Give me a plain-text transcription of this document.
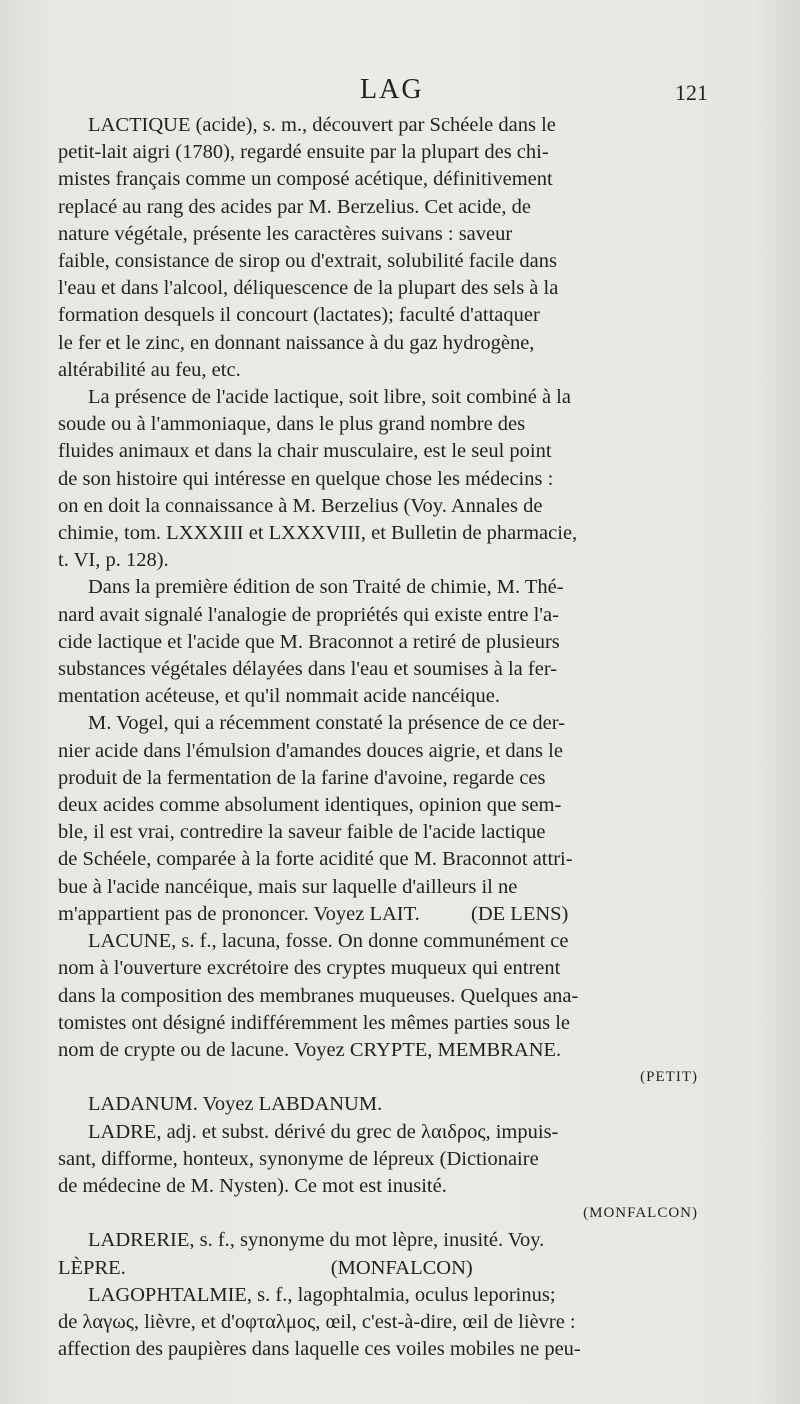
LAG	121
LACTIQUE (acide), s. m., découvert par Schéele dans le
petit-lait aigri (1780), regardé ensuite par la plupart des chi-
mistes français comme un composé acétique, définitivement
replacé au rang des acides par M. Berzelius. Cet acide, de
nature végétale, présente les caractères suivans : saveur
faible, consistance de sirop ou d'extrait, solubilité facile dans
l'eau et dans l'alcool, déliquescence de la plupart des sels à la
formation desquels il concourt (lactates); faculté d'attaquer
le fer et le zinc, en donnant naissance à du gaz hydrogène,
altérabilité au feu, etc.
La présence de l'acide lactique, soit libre, soit combiné à la
soude ou à l'ammoniaque, dans le plus grand nombre des
fluides animaux et dans la chair musculaire, est le seul point
de son histoire qui intéresse en quelque chose les médecins :
on en doit la connaissance à M. Berzelius (Voy. Annales de
chimie, tom. LXXXIII et LXXXVIII, et Bulletin de pharmacie,
t. VI, p. 128).
Dans la première édition de son Traité de chimie, M. Thé-
nard avait signalé l'analogie de propriétés qui existe entre l'a-
cide lactique et l'acide que M. Braconnot a retiré de plusieurs
substances végétales délayées dans l'eau et soumises à la fer-
mentation acéteuse, et qu'il nommait acide nancéique.
M. Vogel, qui a récemment constaté la présence de ce der-
nier acide dans l'émulsion d'amandes douces aigrie, et dans le
produit de la fermentation de la farine d'avoine, regarde ces
deux acides comme absolument identiques, opinion que sem-
ble, il est vrai, contredire la saveur faible de l'acide lactique
de Schéele, comparée à la forte acidité que M. Braconnot attri-
bue à l'acide nancéique, mais sur laquelle d'ailleurs il ne
m'appartient pas de prononcer. Voyez LAIT.          (DE LENS)
LACUNE, s. f., lacuna, fosse. On donne communément ce
nom à l'ouverture excrétoire des cryptes muqueux qui entrent
dans la composition des membranes muqueuses. Quelques ana-
tomistes ont désigné indifféremment les mêmes parties sous le
nom de crypte ou de lacune. Voyez CRYPTE, MEMBRANE.
(PETIT)
LADANUM. Voyez LABDANUM.
LADRE, adj. et subst. dérivé du grec de λαιδρος, impuis-
sant, difforme, honteux, synonyme de lépreux (Dictionaire
de médecine de M. Nysten). Ce mot est inusité.
(MONFALCON)
LADRERIE, s. f., synonyme du mot lèpre, inusité. Voy.
LÈPRE.                                        (MONFALCON)
LAGOPHTALMIE, s. f., lagophtalmia, oculus leporinus;
de λαγως, lièvre, et d'οφταλμος, œil, c'est-à-dire, œil de lièvre :
affection des paupières dans laquelle ces voiles mobiles ne peu-
